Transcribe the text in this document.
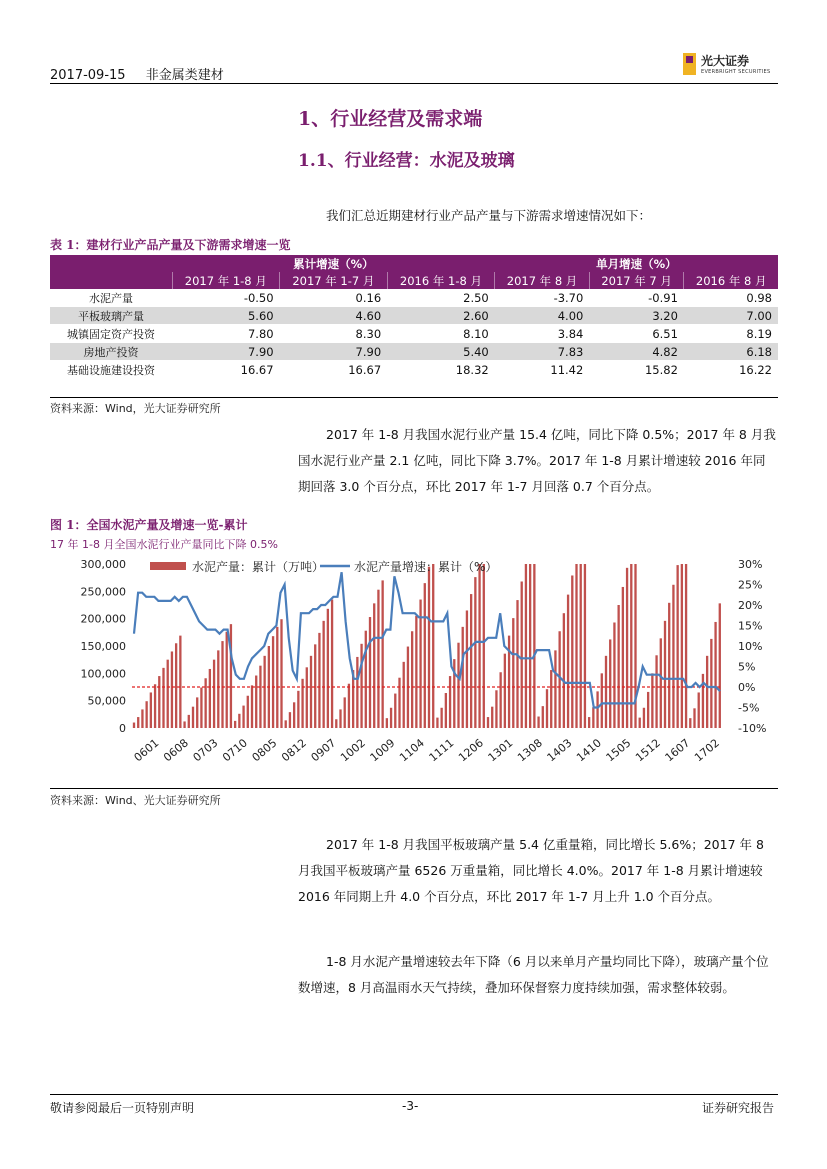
2017-09-15 非金属类建材
光大证券
EVERBRIGHT SECURITIES
1、行业经营及需求端
1.1、行业经营：水泥及玻璃
我们汇总近期建材行业产品产量与下游需求增速情况如下：
表 1：建材行业产品产量及下游需求增速一览
	累计增速（%）			单月增速（%）		
	2017 年 1-8 月	2017 年 1-7 月	2016 年 1-8 月	2017 年 8 月	2017 年 7 月	2016 年 8 月
水泥产量	-0.50	0.16	2.50	-3.70	-0.91	0.98
平板玻璃产量	5.60	4.60	2.60	4.00	3.20	7.00
城镇固定资产投资	7.80	8.30	8.10	3.84	6.51	8.19
房地产投资	7.90	7.90	5.40	7.83	4.82	6.18
基础设施建设投资	16.67	16.67	18.32	11.42	15.82	16.22
资料来源：Wind，光大证券研究所

2017 年 1-8 月我国水泥行业产量 15.4 亿吨，同比下降 0.5%；2017 年 8 月我国水泥行业产量 2.1 亿吨，同比下降 3.7%。2017 年 1-8 月累计增速较 2016 年同期回落 3.0 个百分点，环比 2017 年 1-7 月回落 0.7 个百分点。

图 1：全国水泥产量及增速一览-累计
17 年 1-8 月全国水泥行业产量同比下降 0.5%
300,000
250,000
200,000
150,000
100,000
50,000
0
30%
25%
20%
15%
10%
5%
0%
-5%
-10%
0601 0608 0703 0710 0805 0812 0907 1002 1009 1104 1111 1206 1301 1308 1403 1410 1505 1512 1607 1702
水泥产量：累计（万吨） 水泥产量增速：累计（%）
资料来源：Wind、光大证券研究所

2017 年 1-8 月我国平板玻璃产量 5.4 亿重量箱，同比增长 5.6%；2017 年 8 月我国平板玻璃产量 6526 万重量箱，同比增长 4.0%。2017 年 1-8 月累计增速较 2016 年同期上升 4.0 个百分点，环比 2017 年 1-7 月上升 1.0 个百分点。

1-8 月水泥产量增速较去年下降（6 月以来单月产量均同比下降），玻璃产量个位数增速，8 月高温雨水天气持续，叠加环保督察力度持续加强，需求整体较弱。

敬请参阅最后一页特别声明	-3-	证券研究报告
